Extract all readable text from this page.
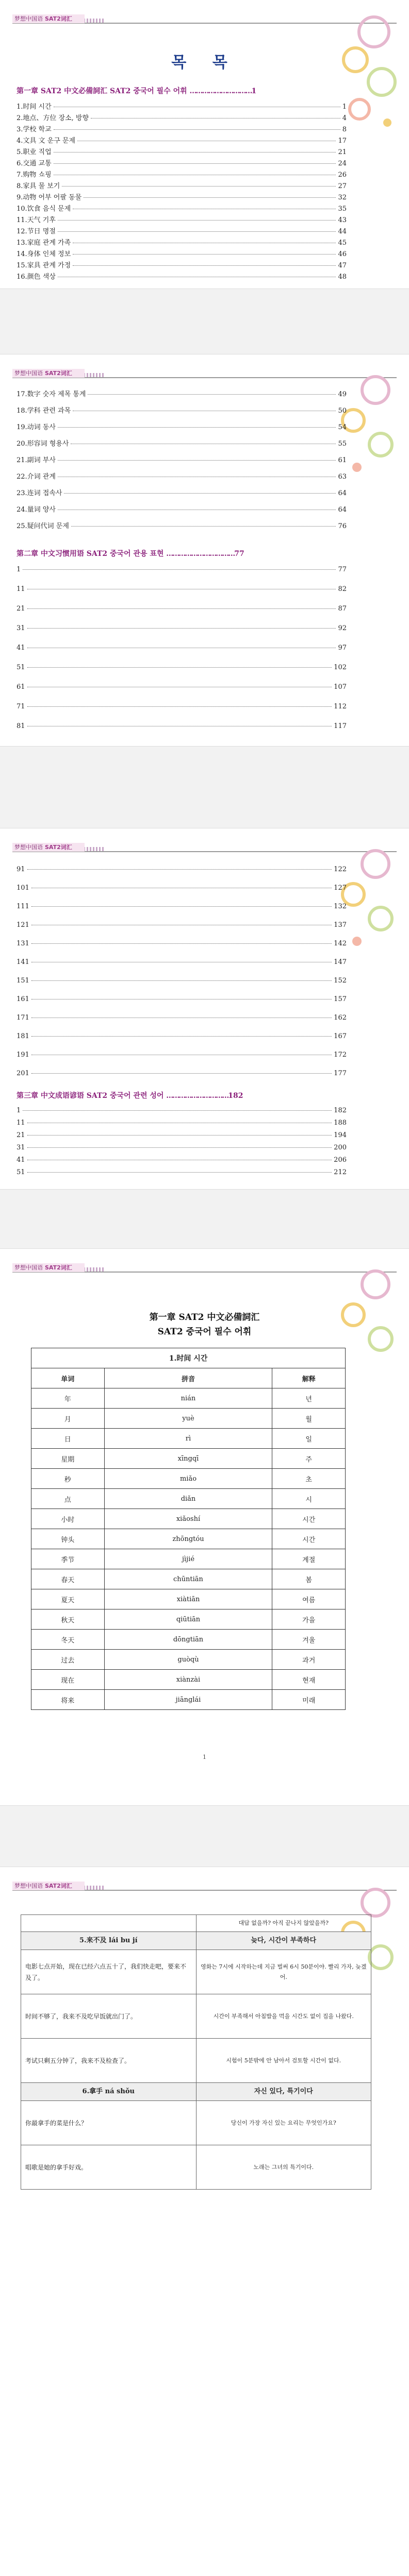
梦想中国语 SAT2词汇
목 목
第一章 SAT2 中文必備詞汇 SAT2 중국어 필수 어휘 …………………………1
1.时间 시간	1
2.地点、方位 장소, 방향	4
3.学校 학교	8
4.文具 文 운구 문제	17
5.职业 직업	21
6.交通 교통	24
7.购物 쇼핑	26
8.家具 물 보기	27
9.动物 어부 어팔 동물	32
10.饮食 음식 문제	35
11.天气 기후	43
12.节日 명절	44
13.家庭 관계 가족	45
14.身体 인체 정보	46
15.家具 관계 가정	47
16.颜色 색상	48
梦想中国语 SAT2词汇
17.数字 숫자 제목 통계	49
18.学科 관련 과목	50
19.动词 동사	54
20.形容词 형용사	55
21.副词 부사	61
22.介词 관계	63
23.连词 접속사	64
24.量词 양사	64
25.疑问代词 문제	76
第二章 中文习惯用语 SAT2 중국어 관용 표현 ……………………………77
1	77
11	82
21	87
31	92
41	97
51	102
61	107
71	112
81	117
梦想中国语 SAT2词汇
91	122
101	127
111	132
121	137
131	142
141	147
151	152
161	157
171	162
181	167
191	172
201	177
第三章 中文成语谚语 SAT2 중국어 관련 성어 …………………………182
1	182
11	188
21	194
31	200
41	206
51	212
梦想中国语 SAT2词汇
第一章 SAT2 中文必備詞汇
SAT2 중국어 필수 어휘
1.时间 시간		
单词	拼音	解释
年	nián	년
月	yuè	월
日	rì	일
星期	xīngqī	주
秒	miǎo	초
点	diǎn	시
小时	xiǎoshí	시간
钟头	zhōngtóu	시간
季节	jìjié	계절
春天	chūntiān	봄
夏天	xiàtiān	여름
秋天	qiūtiān	가을
冬天	dōngtiān	겨울
过去	guòqù	과거
现在	xiànzài	현재
将来	jiānglái	미래
1
梦想中国语 SAT2词汇
	대답 없을까? 아직 끝나지 않았을까?
5.来不及 lái bu jí	늦다, 시간이 부족하다
电影七点开始，现在已经六点五十了，我们快走吧，要来不及了。	영화는 7시에 시작하는데 지금 벌써 6시 50분이야. 빨리 가자, 늦겠어.
时间不够了，我来不及吃早饭就出门了。	시간이 부족해서 아침밥을 먹을 시간도 없이 집을 나왔다.
考试只剩五分钟了，我来不及检查了。	시험이 5분밖에 안 남아서 검토할 시간이 없다.
6.拿手 ná shǒu	자신 있다, 특기이다
你最拿手的菜是什么？	당신이 가장 자신 있는 요리는 무엇인가요?
唱歌是她的拿手好戏。	노래는 그녀의 특기이다.
